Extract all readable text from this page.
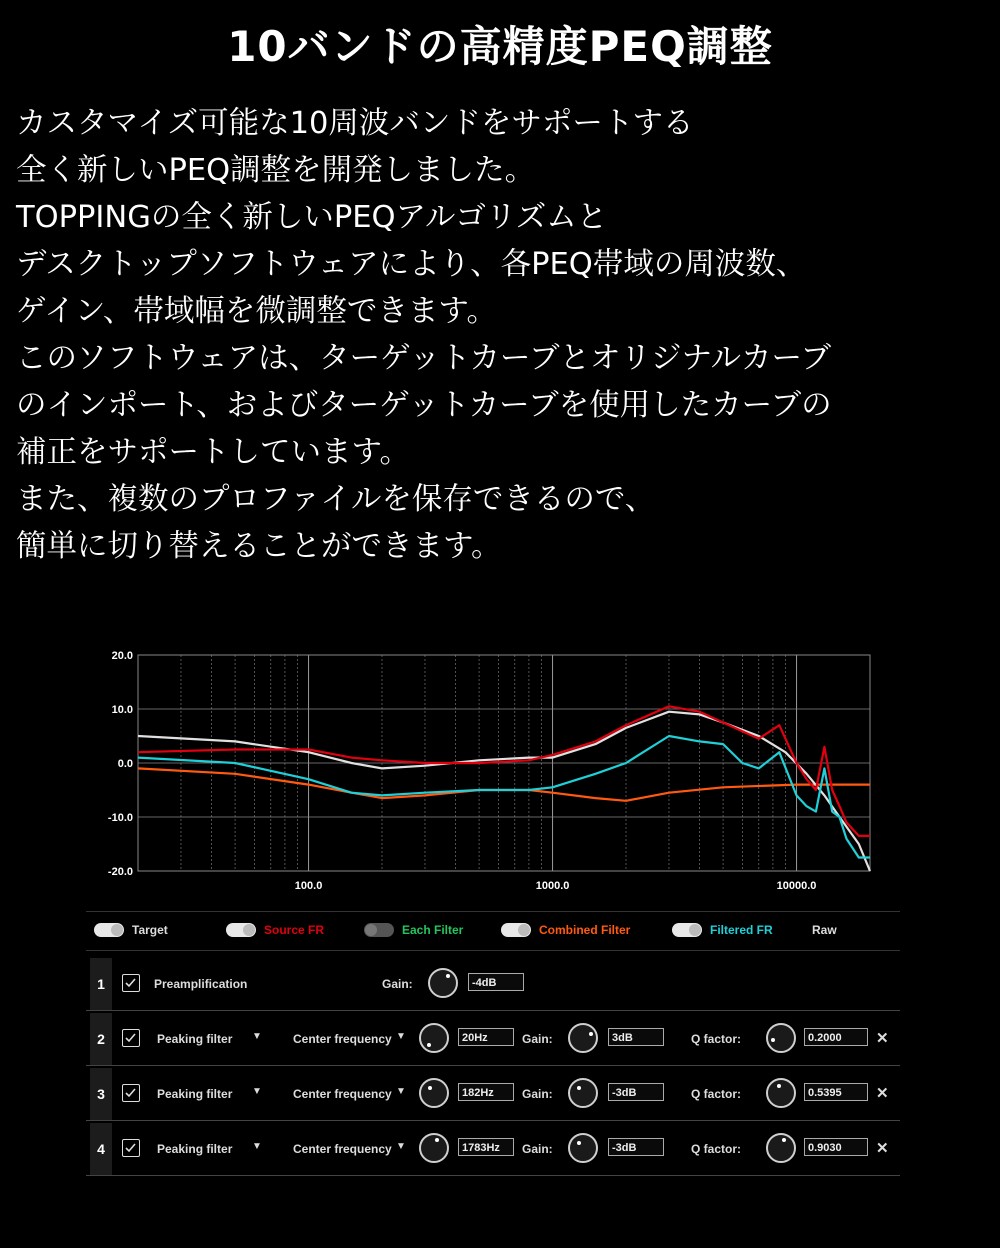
10バンドの高精度PEQ調整
カスタマイズ可能な10周波バンドをサポートする
全く新しいPEQ調整を開発しました。
TOPPINGの全く新しいPEQアルゴリズムと
デスクトップソフトウェアにより、各PEQ帯域の周波数、
ゲイン、帯域幅を微調整できます。
このソフトウェアは、ターゲットカーブとオリジナルカーブ
のインポート、およびターゲットカーブを使用したカーブの
補正をサポートしています。
また、複数のプロファイルを保存できるので、
簡単に切り替えることができます。
20.0
10.0
0.0
-10.0
-20.0
100.0	1000.0	10000.0
Target	Source FR	Each Filter	Combined Filter	Filtered FR	Raw
1	Preamplification	Gain:	-4dB
2	Peaking filter ▼	Center frequency ▼	20Hz	Gain:	3dB	Q factor:	0.2000	✕
3	Peaking filter ▼	Center frequency ▼	182Hz	Gain:	-3dB	Q factor:	0.5395	✕
4	Peaking filter ▼	Center frequency ▼	1783Hz	Gain:	-3dB	Q factor:	0.9030	✕
